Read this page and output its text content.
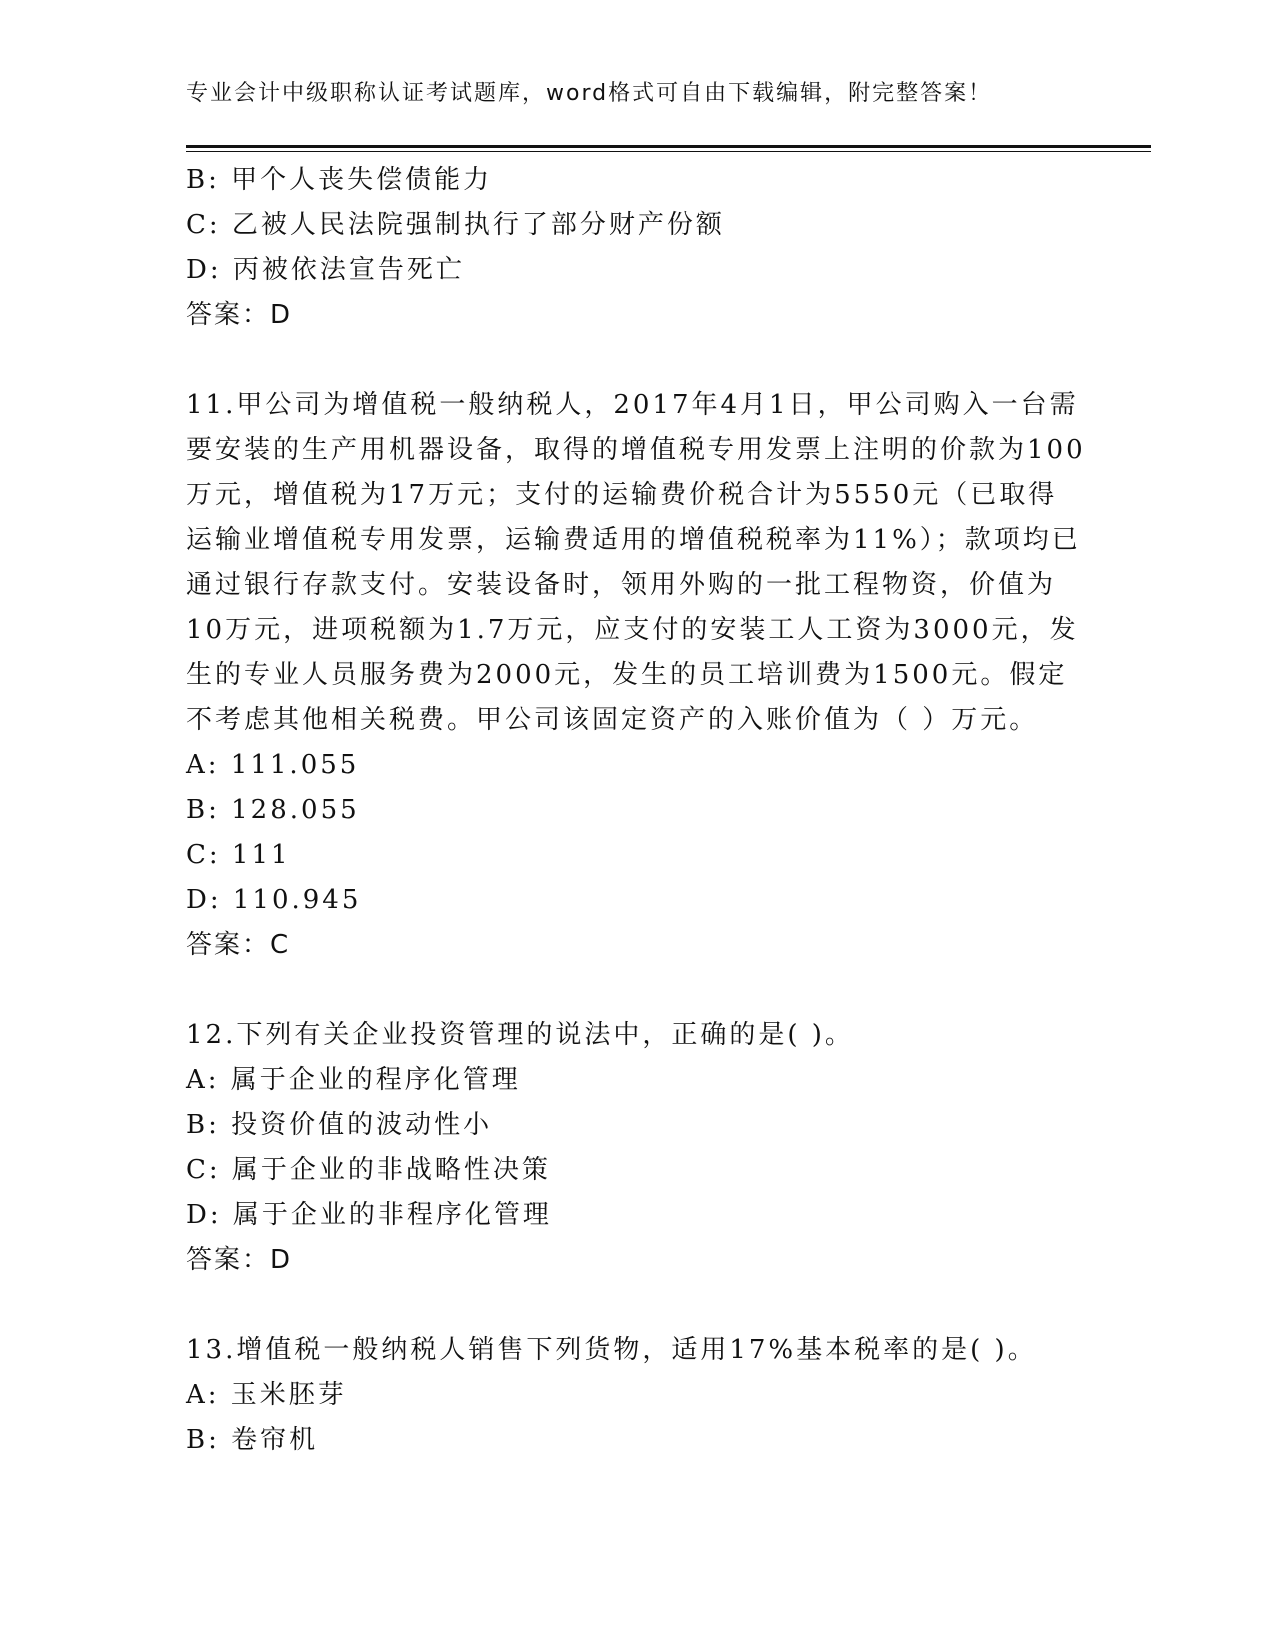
专业会计中级职称认证考试题库，word格式可自由下载编辑，附完整答案！
B: 甲个人丧失偿债能力
C: 乙被人民法院强制执行了部分财产份额
D: 丙被依法宣告死亡
答案：D
11.甲公司为增值税一般纳税人，2017年4月1日，甲公司购入一台需
要安装的生产用机器设备，取得的增值税专用发票上注明的价款为100
万元，增值税为17万元；支付的运输费价税合计为5550元（已取得
运输业增值税专用发票，运输费适用的增值税税率为11%）；款项均已
通过银行存款支付。安装设备时，领用外购的一批工程物资，价值为
10万元，进项税额为1.7万元，应支付的安装工人工资为3000元，发
生的专业人员服务费为2000元，发生的员工培训费为1500元。假定
不考虑其他相关税费。甲公司该固定资产的入账价值为（ ）万元。
A: 111.055
B: 128.055
C: 111
D: 110.945
答案：C
12.下列有关企业投资管理的说法中，正确的是( )。
A: 属于企业的程序化管理
B: 投资价值的波动性小
C: 属于企业的非战略性决策
D: 属于企业的非程序化管理
答案：D
13.增值税一般纳税人销售下列货物，适用17%基本税率的是( )。
A: 玉米胚芽
B: 卷帘机
